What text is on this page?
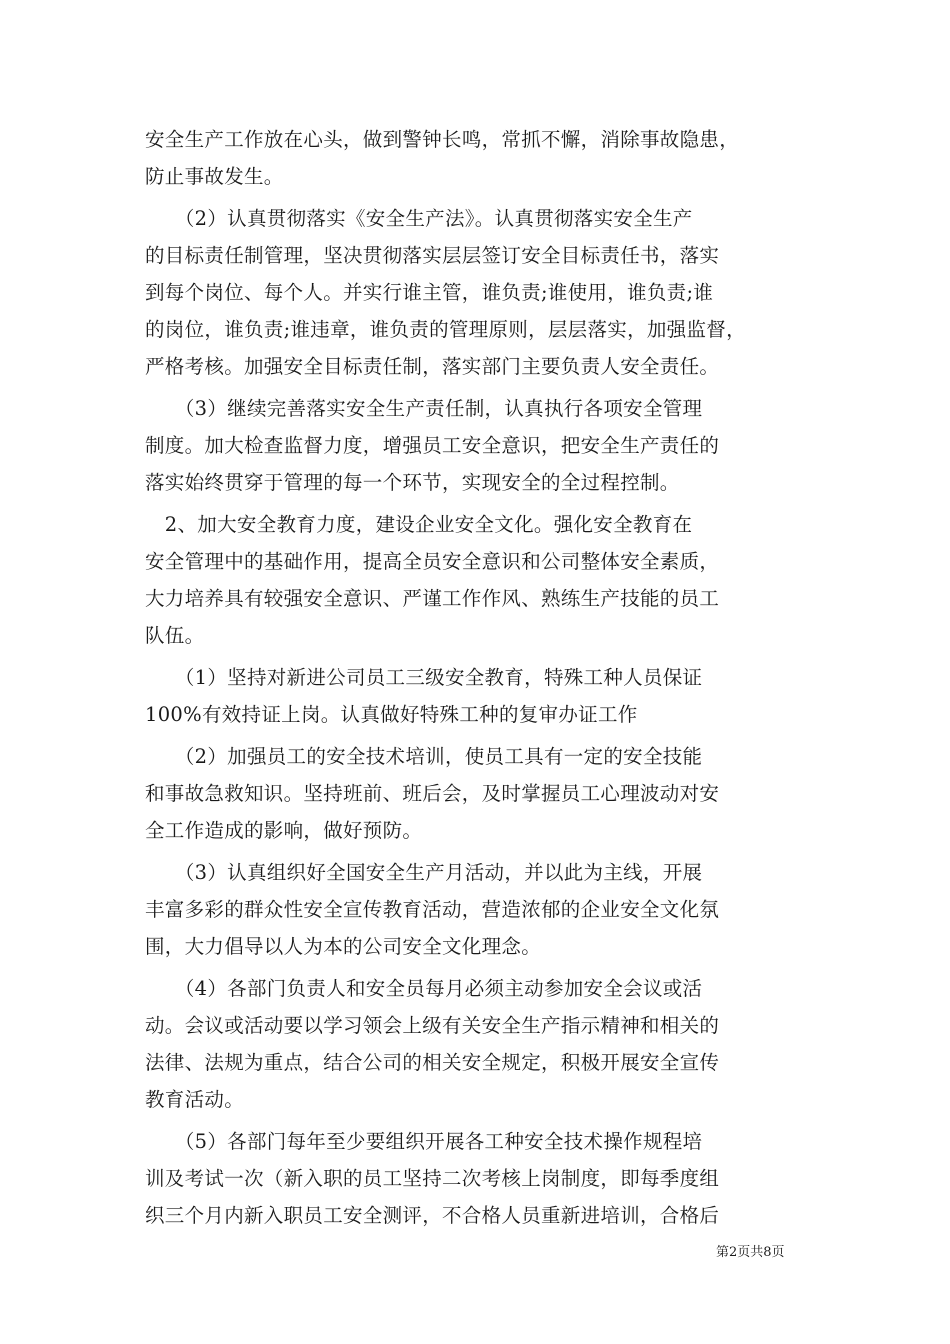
安全生产工作放在心头，做到警钟长鸣，常抓不懈，消除事故隐患，
防止事故发生。
　　（2）认真贯彻落实《安全生产法》。认真贯彻落实安全生产
的目标责任制管理，坚决贯彻落实层层签订安全目标责任书，落实
到每个岗位、每个人。并实行谁主管，谁负责;谁使用，谁负责;谁
的岗位，谁负责;谁违章，谁负责的管理原则，层层落实，加强监督，
严格考核。加强安全目标责任制，落实部门主要负责人安全责任。
　　（3）继续完善落实安全生产责任制，认真执行各项安全管理
制度。加大检查监督力度，增强员工安全意识，把安全生产责任的
落实始终贯穿于管理的每一个环节，实现安全的全过程控制。
　2、加大安全教育力度，建设企业安全文化。强化安全教育在
安全管理中的基础作用，提高全员安全意识和公司整体安全素质，
大力培养具有较强安全意识、严谨工作作风、熟练生产技能的员工
队伍。
　　（1）坚持对新进公司员工三级安全教育，特殊工种人员保证
100%有效持证上岗。认真做好特殊工种的复审办证工作
　　（2）加强员工的安全技术培训，使员工具有一定的安全技能
和事故急救知识。坚持班前、班后会，及时掌握员工心理波动对安
全工作造成的影响，做好预防。
　　（3）认真组织好全国安全生产月活动，并以此为主线，开展
丰富多彩的群众性安全宣传教育活动，营造浓郁的企业安全文化氛
围，大力倡导以人为本的公司安全文化理念。
　　（4）各部门负责人和安全员每月必须主动参加安全会议或活
动。会议或活动要以学习领会上级有关安全生产指示精神和相关的
法律、法规为重点，结合公司的相关安全规定，积极开展安全宣传
教育活动。
　　（5）各部门每年至少要组织开展各工种安全技术操作规程培
训及考试一次（新入职的员工坚持二次考核上岗制度，即每季度组
织三个月内新入职员工安全测评，不合格人员重新进培训，合格后
第2页共8页
